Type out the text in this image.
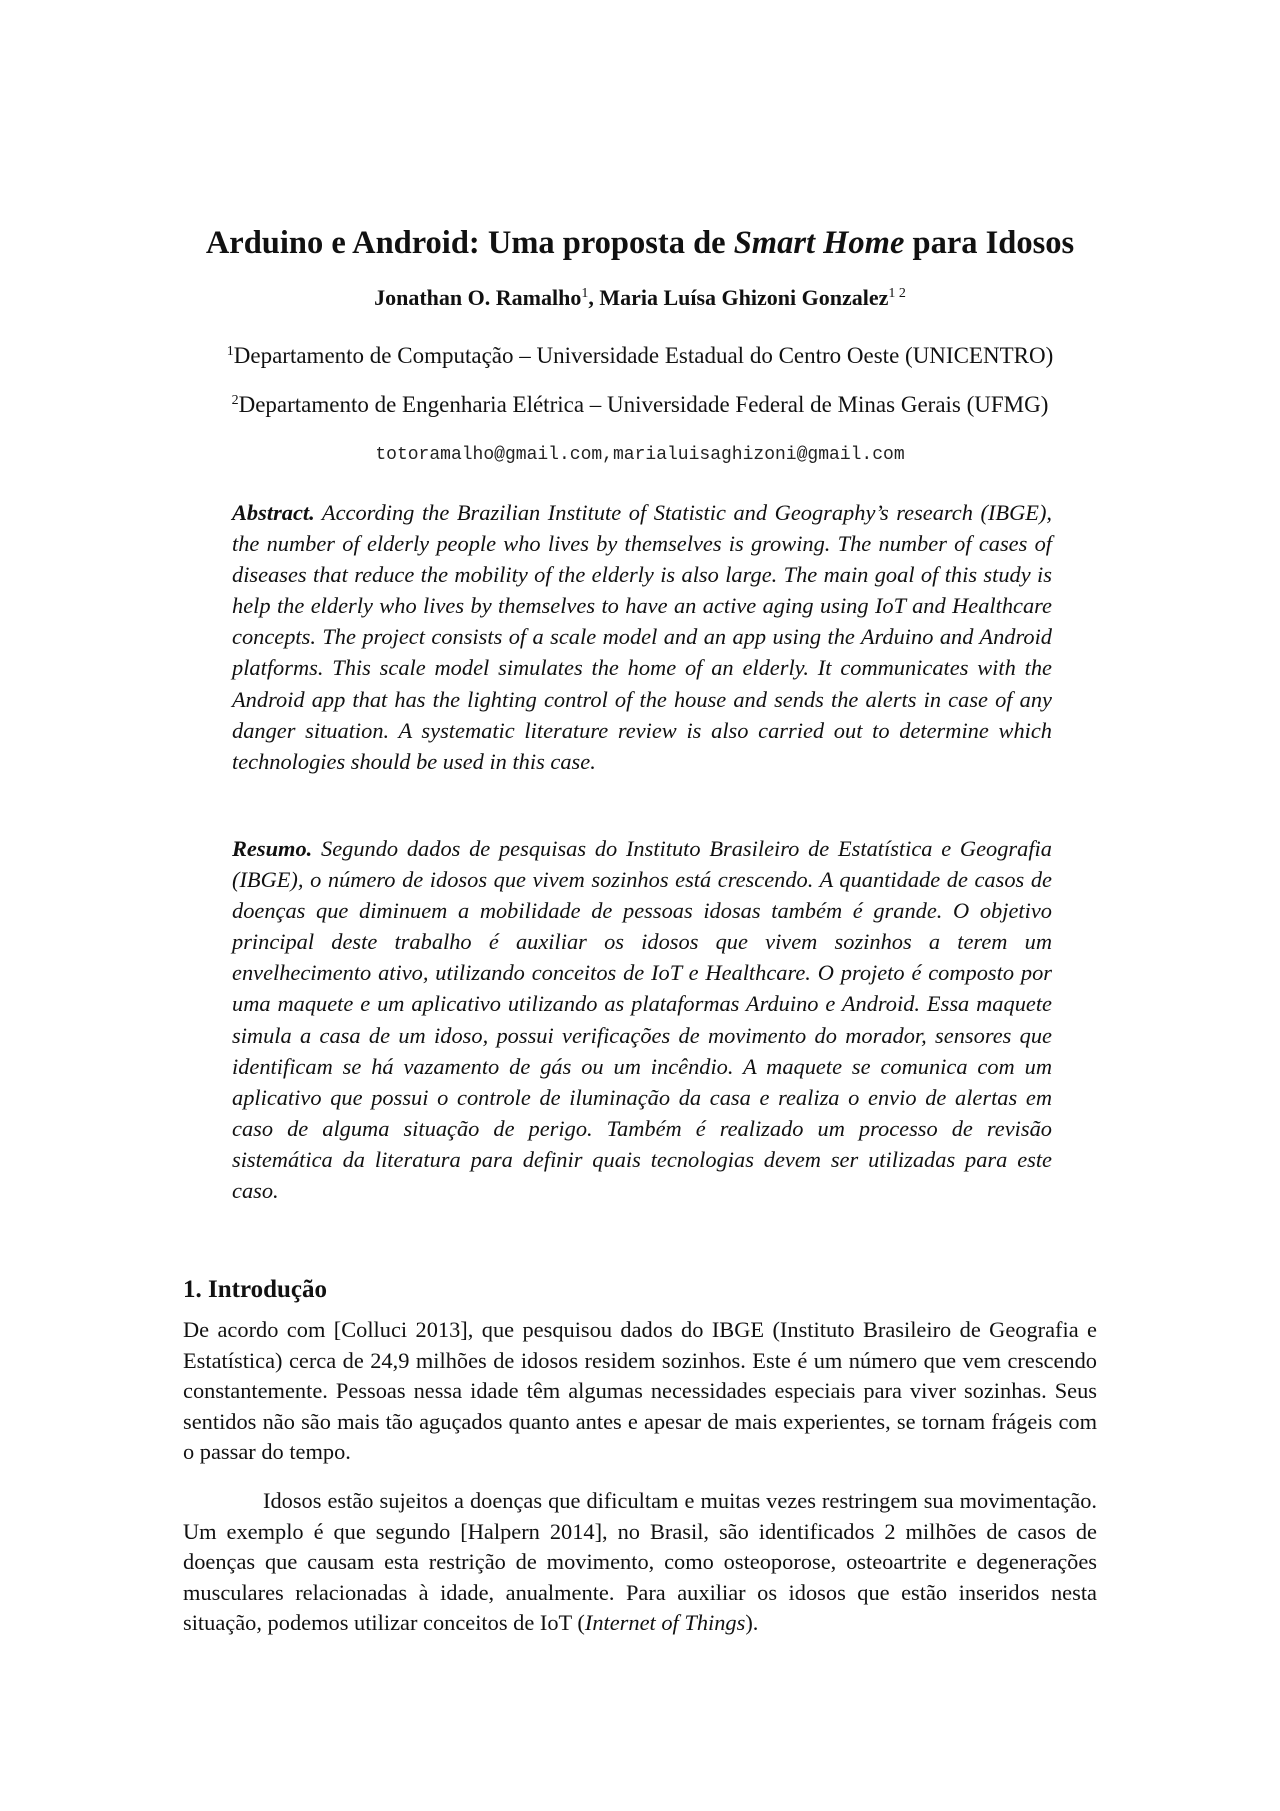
Arduino e Android: Uma proposta de Smart Home para Idosos

Jonathan O. Ramalho$^1$, Maria Luísa Ghizoni Gonzalez$^{1 2}$

$^1$Departamento de Computação – Universidade Estadual do Centro Oeste (UNICENTRO)

$^2$Departamento de Engenharia Elétrica – Universidade Federal de Minas Gerais (UFMG)

totoramalho@gmail.com,marialuisaghizoni@gmail.com

Abstract. According the Brazilian Institute of Statistic and Geography’s research (IBGE), the number of elderly people who lives by themselves is growing. The number of cases of diseases that reduce the mobility of the elderly is also large. The main goal of this study is help the elderly who lives by themselves to have an active aging using IoT and Healthcare concepts. The project consists of a scale model and an app using the Arduino and Android platforms. This scale model simulates the home of an elderly. It communicates with the Android app that has the lighting control of the house and sends the alerts in case of any danger situation. A systematic literature review is also carried out to determine which technologies should be used in this case.

Resumo. Segundo dados de pesquisas do Instituto Brasileiro de Estatística e Geografia (IBGE), o número de idosos que vivem sozinhos está crescendo. A quantidade de casos de doenças que diminuem a mobilidade de pessoas idosas também é grande. O objetivo principal deste trabalho é auxiliar os idosos que vivem sozinhos a terem um envelhecimento ativo, utilizando conceitos de IoT e Healthcare. O projeto é composto por uma maquete e um aplicativo utilizando as plataformas Arduino e Android. Essa maquete simula a casa de um idoso, possui verificações de movimento do morador, sensores que identificam se há vazamento de gás ou um incêndio. A maquete se comunica com um aplicativo que possui o controle de iluminação da casa e realiza o envio de alertas em caso de alguma situação de perigo. Também é realizado um processo de revisão sistemática da literatura para definir quais tecnologias devem ser utilizadas para este caso.

1. Introdução

De acordo com [Colluci 2013], que pesquisou dados do IBGE (Instituto Brasileiro de Geografia e Estatística) cerca de 24,9 milhões de idosos residem sozinhos. Este é um número que vem crescendo constantemente. Pessoas nessa idade têm algumas necessidades especiais para viver sozinhas. Seus sentidos não são mais tão aguçados quanto antes e apesar de mais experientes, se tornam frágeis com o passar do tempo.

Idosos estão sujeitos a doenças que dificultam e muitas vezes restringem sua movimentação. Um exemplo é que segundo [Halpern 2014], no Brasil, são identificados 2 milhões de casos de doenças que causam esta restrição de movimento, como osteoporose, osteoartrite e degenerações musculares relacionadas à idade, anualmente. Para auxiliar os idosos que estão inseridos nesta situação, podemos utilizar conceitos de IoT (Internet of Things).
